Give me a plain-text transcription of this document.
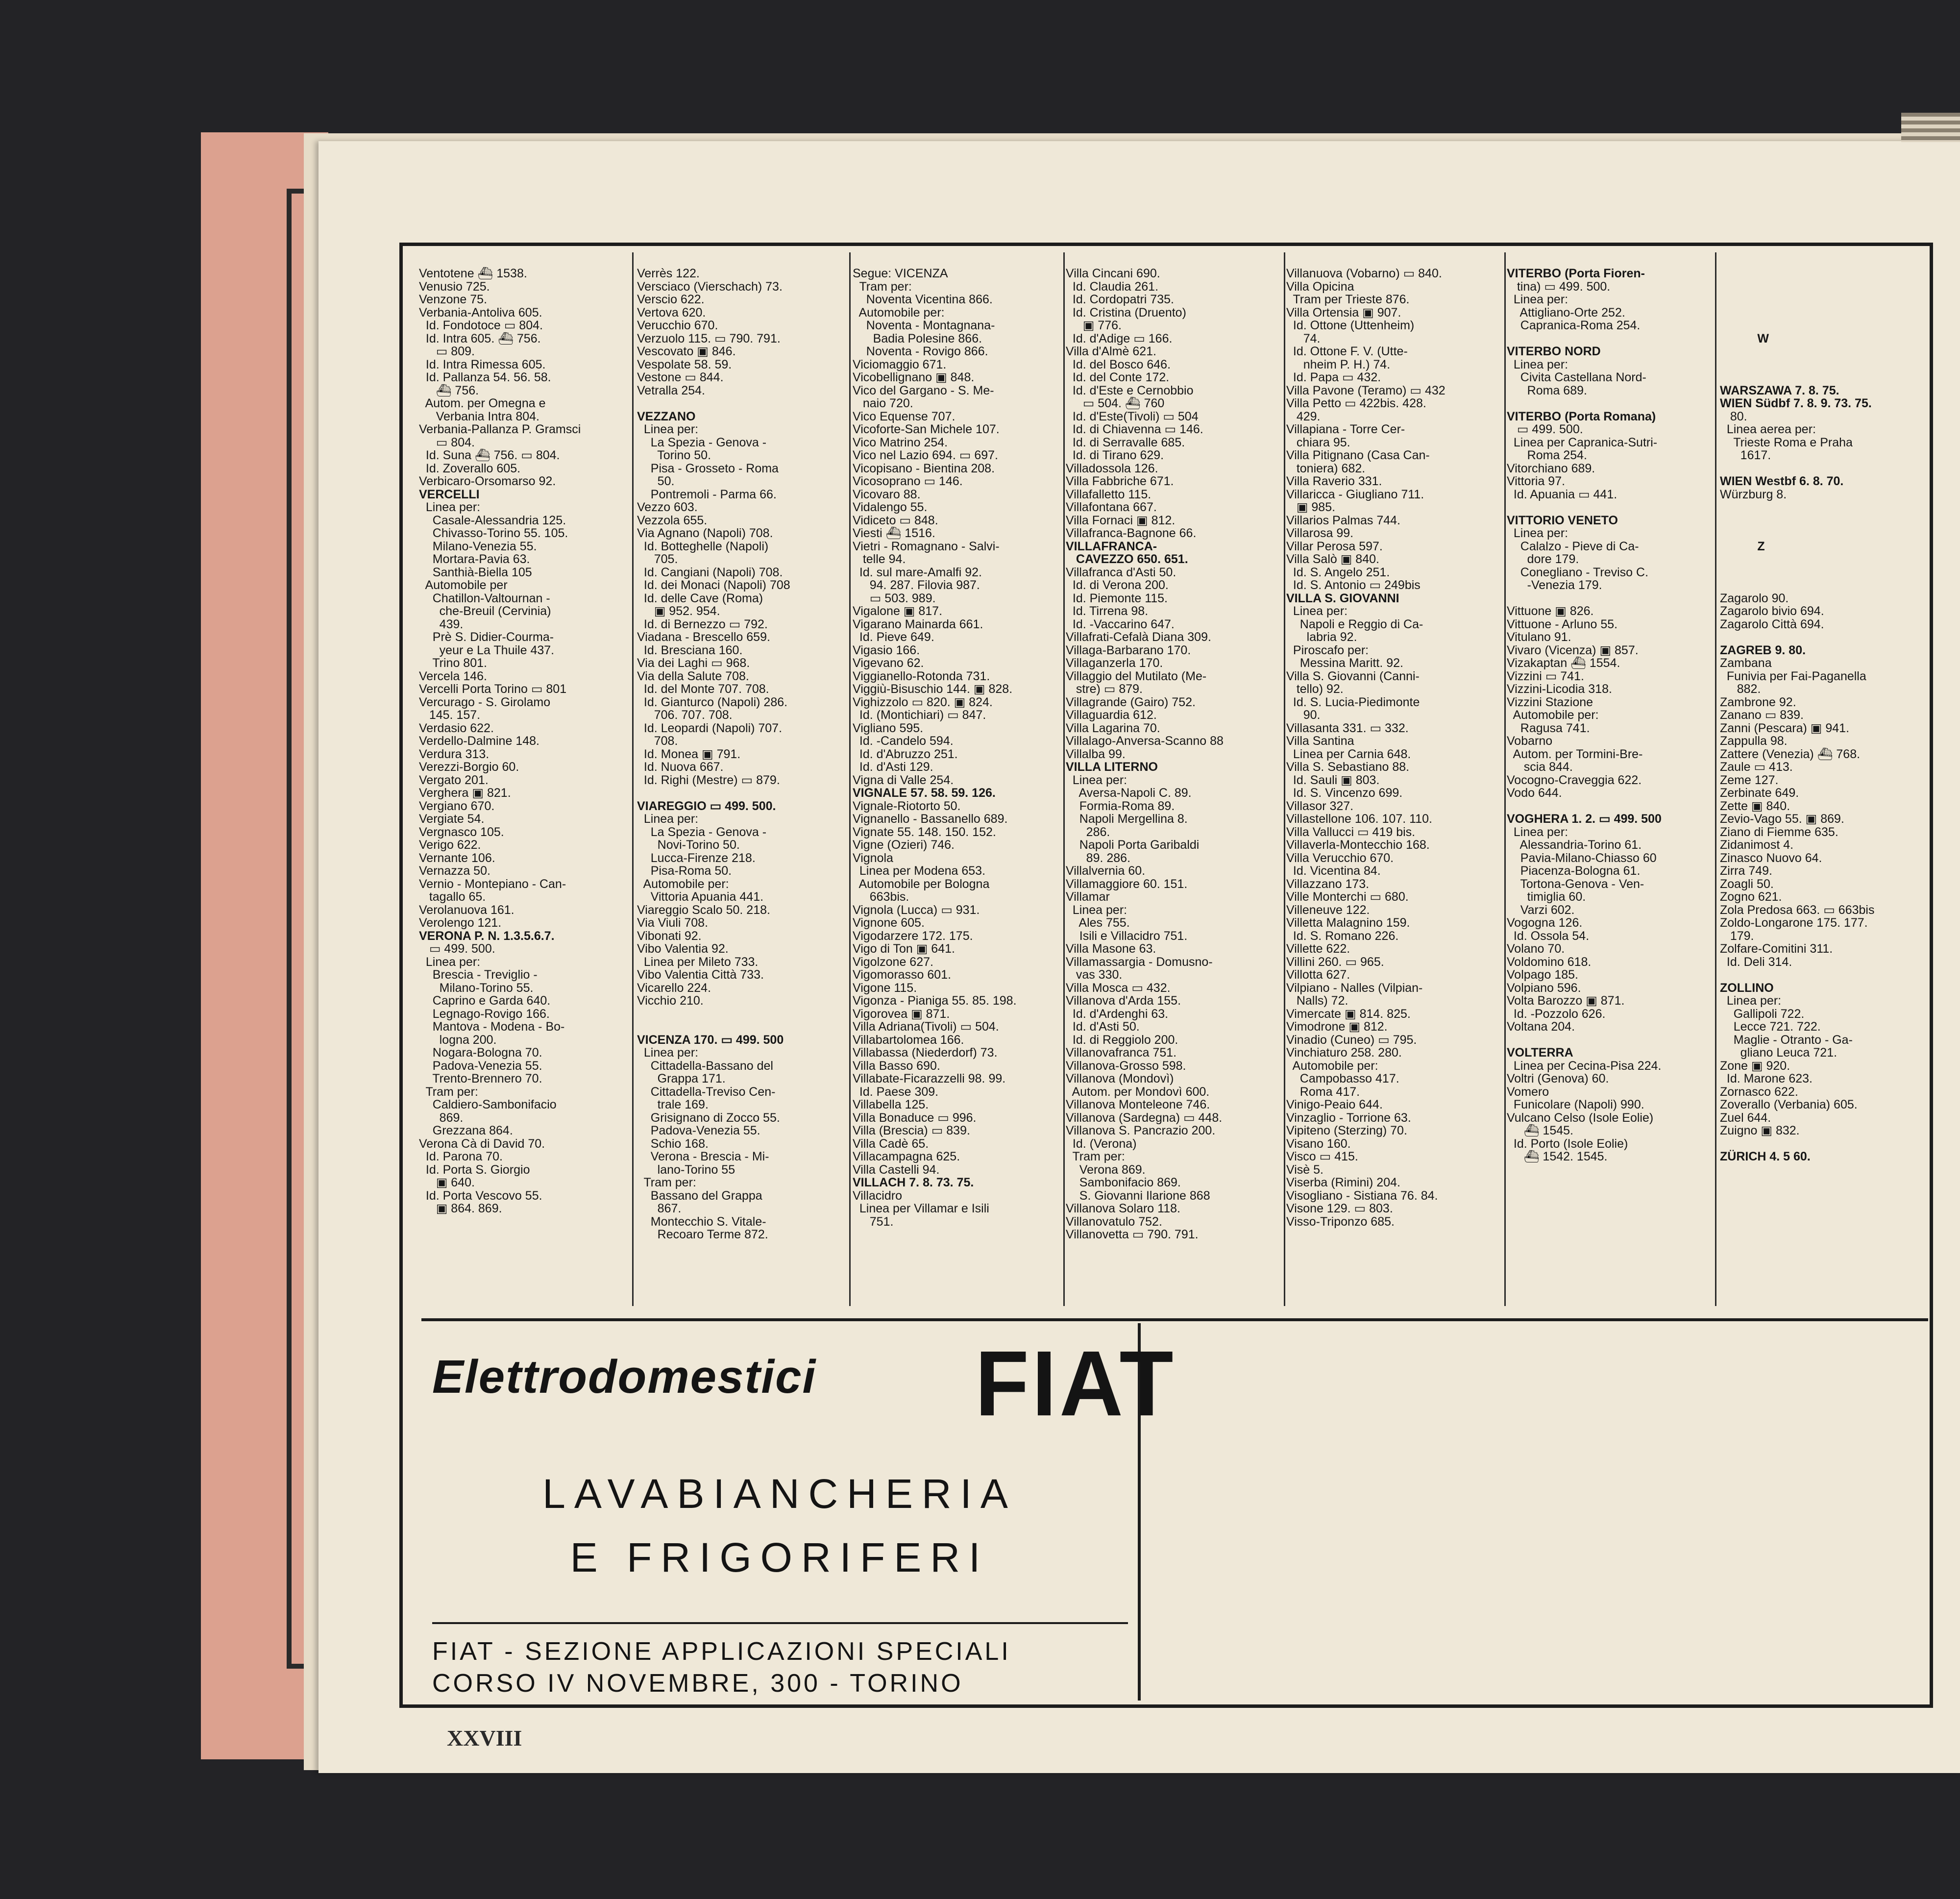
Ventotene ⛴ 1538.
Venusio 725.
Venzone 75.
Verbania-Antoliva 605.
Id. Fondotoce ▭ 804.
Id. Intra 605. ⛴ 756.
▭ 809.
Id. Intra Rimessa 605.
Id. Pallanza 54. 56. 58.
⛴ 756.
Autom. per Omegna e
Verbania Intra 804.
Verbania-Pallanza P. Gramsci
▭ 804.
Id. Suna ⛴ 756. ▭ 804.
Id. Zoverallo 605.
Verbicaro-Orsomarso 92.
VERCELLI
Linea per:
Casale-Alessandria 125.
Chivasso-Torino 55. 105.
Milano-Venezia 55.
Mortara-Pavia 63.
Santhià-Biella 105
Automobile per
Chatillon-Valtournan -
che-Breuil (Cervinia)
439.
Prè S. Didier-Courma-
yeur e La Thuile 437.
Trino 801.
Vercela 146.
Vercelli Porta Torino ▭ 801
Vercurago - S. Girolamo
145. 157.
Verdasio 622.
Verdello-Dalmine 148.
Verdura 313.
Verezzi-Borgio 60.
Vergato 201.
Verghera ▣ 821.
Vergiano 670.
Vergiate 54.
Vergnasco 105.
Verigo 622.
Vernante 106.
Vernazza 50.
Vernio - Montepiano - Can-
tagallo 65.
Verolanuova 161.
Verolengo 121.
VERONA P. N. 1.3.5.6.7.
▭ 499. 500.
Linea per:
Brescia - Treviglio -
Milano-Torino 55.
Caprino e Garda 640.
Legnago-Rovigo 166.
Mantova - Modena - Bo-
logna 200.
Nogara-Bologna 70.
Padova-Venezia 55.
Trento-Brennero 70.
Tram per:
Caldiero-Sambonifacio
869.
Grezzana 864.
Verona Cà di David 70.
Id. Parona 70.
Id. Porta S. Giorgio
▣ 640.
Id. Porta Vescovo 55.
▣ 864. 869.
Verrès 122.
Versciaco (Vierschach) 73.
Verscio 622.
Vertova 620.
Verucchio 670.
Verzuolo 115. ▭ 790. 791.
Vescovato ▣ 846.
Vespolate 58. 59.
Vestone ▭ 844.
Vetralla 254.

VEZZANO
Linea per:
La Spezia - Genova -
Torino 50.
Pisa - Grosseto - Roma
50.
Pontremoli - Parma 66.
Vezzo 603.
Vezzola 655.
Via Agnano (Napoli) 708.
Id. Botteghelle (Napoli)
705.
Id. Cangiani (Napoli) 708.
Id. dei Monaci (Napoli) 708
Id. delle Cave (Roma)
▣ 952. 954.
Id. di Bernezzo ▭ 792.
Viadana - Brescello 659.
Id. Bresciana 160.
Via dei Laghi ▭ 968.
Via della Salute 708.
Id. del Monte 707. 708.
Id. Gianturco (Napoli) 286.
706. 707. 708.
Id. Leopardi (Napoli) 707.
708.
Id. Monea ▣ 791.
Id. Nuova 667.
Id. Righi (Mestre) ▭ 879.

VIAREGGIO ▭ 499. 500.
Linea per:
La Spezia - Genova -
Novi-Torino 50.
Lucca-Firenze 218.
Pisa-Roma 50.
Automobile per:
Vittoria Apuania 441.
Viareggio Scalo 50. 218.
Via Viuli 708.
Vibonati 92.
Vibo Valentia 92.
Linea per Mileto 733.
Vibo Valentia Città 733.
Vicarello 224.
Vicchio 210.

VICENZA 170. ▭ 499. 500
Linea per:
Cittadella-Bassano del
Grappa 171.
Cittadella-Treviso Cen-
trale 169.
Grisignano di Zocco 55.
Padova-Venezia 55.
Schio 168.
Verona - Brescia - Mi-
lano-Torino 55
Tram per:
Bassano del Grappa
867.
Montecchio S. Vitale-
Recoaro Terme 872.
Segue: VICENZA
Tram per:
Noventa Vicentina 866.
Automobile per:
Noventa - Montagnana-
Badia Polesine 866.
Noventa - Rovigo 866.
Viciomaggio 671.
Vicobellignano ▣ 848.
Vico del Gargano - S. Me-
naio 720.
Vico Equense 707.
Vicoforte-San Michele 107.
Vico Matrino 254.
Vico nel Lazio 694. ▭ 697.
Vicopisano - Bientina 208.
Vicosoprano ▭ 146.
Vicovaro 88.
Vidalengo 55.
Vidiceto ▭ 848.
Viesti ⛴ 1516.
Vietri - Romagnano - Salvi-
telle 94.
Id. sul mare-Amalfi 92.
94. 287. Filovia 987.
▭ 503. 989.
Vigalone ▣ 817.
Vigarano Mainarda 661.
Id. Pieve 649.
Vigasio 166.
Vigevano 62.
Viggianello-Rotonda 731.
Viggiù-Bisuschio 144. ▣ 828.
Vighizzolo ▭ 820. ▣ 824.
Id. (Montichiari) ▭ 847.
Vigliano 595.
Id. -Candelo 594.
Id. d'Abruzzo 251.
Id. d'Asti 129.
Vigna di Valle 254.
VIGNALE 57. 58. 59. 126.
Vignale-Riotorto 50.
Vignanello - Bassanello 689.
Vignate 55. 148. 150. 152.
Vigne (Ozieri) 746.
Vignola
Linea per Modena 653.
Automobile per Bologna
663bis.
Vignola (Lucca) ▭ 931.
Vignone 605.
Vigodarzere 172. 175.
Vigo di Ton ▣ 641.
Vigolzone 627.
Vigomorasso 601.
Vigone 115.
Vigonza - Pianiga 55. 85. 198.
Vigorovea ▣ 871.
Villa Adriana(Tivoli) ▭ 504.
Villabartolomea 166.
Villabassa (Niederdorf) 73.
Villa Basso 690.
Villabate-Ficarazzelli 98. 99.
Id. Paese 309.
Villabella 125.
Villa Bonaduce ▭ 996.
Villa (Brescia) ▭ 839.
Villa Cadè 65.
Villacampagna 625.
Villa Castelli 94.
VILLACH 7. 8. 73. 75.
Villacidro
Linea per Villamar e Isili
751.
Villa Cincani 690.
Id. Claudia 261.
Id. Cordopatri 735.
Id. Cristina (Druento)
▣ 776.
Id. d'Adige ▭ 166.
Villa d'Almè 621.
Id. del Bosco 646.
Id. del Conte 172.
Id. d'Este e Cernobbio
▭ 504. ⛴ 760
Id. d'Este(Tivoli) ▭ 504
Id. di Chiavenna ▭ 146.
Id. di Serravalle 685.
Id. di Tirano 629.
Villadossola 126.
Villa Fabbriche 671.
Villafalletto 115.
Villafontana 667.
Villa Fornaci ▣ 812.
Villafranca-Bagnone 66.
VILLAFRANCA-
CAVEZZO 650. 651.
Villafranca d'Asti 50.
Id. di Verona 200.
Id. Piemonte 115.
Id. Tirrena 98.
Id. -Vaccarino 647.
Villafrati-Cefalà Diana 309.
Villaga-Barbarano 170.
Villaganzerla 170.
Villaggio del Mutilato (Me-
stre) ▭ 879.
Villagrande (Gairo) 752.
Villaguardia 612.
Villa Lagarina 70.
Villalago-Anversa-Scanno 88
Villalba 99.
VILLA LITERNO
Linea per:
Aversa-Napoli C. 89.
Formia-Roma 89.
Napoli Mergellina 8.
286.
Napoli Porta Garibaldi
89. 286.
Villalvernia 60.
Villamaggiore 60. 151.
Villamar
Linea per:
Ales 755.
Isili e Villacidro 751.
Villa Masone 63.
Villamassargia - Domusno-
vas 330.
Villa Mosca ▭ 432.
Villanova d'Arda 155.
Id. d'Ardenghi 63.
Id. d'Asti 50.
Id. di Reggiolo 200.
Villanovafranca 751.
Villanova-Grosso 598.
Villanova (Mondovì)
Autom. per Mondovì 600.
Villanova Monteleone 746.
Villanova (Sardegna) ▭ 448.
Villanova S. Pancrazio 200.
Id. (Verona)
Tram per:
Verona 869.
Sambonifacio 869.
S. Giovanni Ilarione 868
Villanova Solaro 118.
Villanovatulo 752.
Villanovetta ▭ 790. 791.
Villanuova (Vobarno) ▭ 840.
Villa Opicina
Tram per Trieste 876.
Villa Ortensia ▣ 907.
Id. Ottone (Uttenheim)
74.
Id. Ottone F. V. (Utte-
nheim P. H.) 74.
Id. Papa ▭ 432.
Villa Pavone (Teramo) ▭ 432
Villa Petto ▭ 422bis. 428.
429.
Villapiana - Torre Cer-
chiara 95.
Villa Pitignano (Casa Can-
toniera) 682.
Villa Raverio 331.
Villaricca - Giugliano 711.
▣ 985.
Villarios Palmas 744.
Villarosa 99.
Villar Perosa 597.
Villa Salò ▣ 840.
Id. S. Angelo 251.
Id. S. Antonio ▭ 249bis
VILLA S. GIOVANNI
Linea per:
Napoli e Reggio di Ca-
labria 92.
Piroscafo per:
Messina Maritt. 92.
Villa S. Giovanni (Canni-
tello) 92.
Id. S. Lucia-Piedimonte
90.
Villasanta 331. ▭ 332.
Villa Santina
Linea per Carnia 648.
Villa S. Sebastiano 88.
Id. Sauli ▣ 803.
Id. S. Vincenzo 699.
Villasor 327.
Villastellone 106. 107. 110.
Villa Vallucci ▭ 419 bis.
Villaverla-Montecchio 168.
Villa Verucchio 670.
Id. Vicentina 84.
Villazzano 173.
Ville Monterchi ▭ 680.
Villeneuve 122.
Villetta Malagnino 159.
Id. S. Romano 226.
Villette 622.
Villini 260. ▭ 965.
Villotta 627.
Vilpiano - Nalles (Vilpian-
Nalls) 72.
Vimercate ▣ 814. 825.
Vimodrone ▣ 812.
Vinadio (Cuneo) ▭ 795.
Vinchiaturo 258. 280.
Automobile per:
Campobasso 417.
Roma 417.
Vinigo-Peaio 644.
Vinzaglio - Torrione 63.
Vipiteno (Sterzing) 70.
Visano 160.
Visco ▭ 415.
Visè 5.
Viserba (Rimini) 204.
Visogliano - Sistiana 76. 84.
Visone 129. ▭ 803.
Visso-Triponzo 685.
VITERBO (Porta Fioren-
tina) ▭ 499. 500.
Linea per:
Attigliano-Orte 252.
Capranica-Roma 254.

VITERBO NORD
Linea per:
Civita Castellana Nord-
Roma 689.

VITERBO (Porta Romana)
▭ 499. 500.
Linea per Capranica-Sutri-
Roma 254.
Vitorchiano 689.
Vittoria 97.
Id. Apuania ▭ 441.

VITTORIO VENETO
Linea per:
Calalzo - Pieve di Ca-
dore 179.
Conegliano - Treviso C.
-Venezia 179.

Vittuone ▣ 826.
Vittuone - Arluno 55.
Vitulano 91.
Vivaro (Vicenza) ▣ 857.
Vizakaptan ⛴ 1554.
Vizzini ▭ 741.
Vizzini-Licodia 318.
Vizzini Stazione
Automobile per:
Ragusa 741.
Vobarno
Autom. per Tormini-Bre-
scia 844.
Vocogno-Craveggia 622.
Vodo 644.

VOGHERA 1. 2. ▭ 499. 500
Linea per:
Alessandria-Torino 61.
Pavia-Milano-Chiasso 60
Piacenza-Bologna 61.
Tortona-Genova - Ven-
timiglia 60.
Varzi 602.
Vogogna 126.
Id. Ossola 54.
Volano 70.
Voldomino 618.
Volpago 185.
Volpiano 596.
Volta Barozzo ▣ 871.
Id. -Pozzolo 626.
Voltana 204.

VOLTERRA
Linea per Cecina-Pisa 224.
Voltri (Genova) 60.
Vomero
Funicolare (Napoli) 990.
Vulcano Celso (Isole Eolie)
⛴ 1545.
Id. Porto (Isole Eolie)
⛴ 1542. 1545.

W

WARSZAWA 7. 8. 75.
WIEN Südbf 7. 8. 9. 73. 75.
80.
Linea aerea per:
Trieste Roma e Praha
1617.

WIEN Westbf 6. 8. 70.
Würzburg 8.

Z

Zagarolo 90.
Zagarolo bivio 694.
Zagarolo Città 694.

ZAGREB 9. 80.
Zambana
Funivia per Fai-Paganella
882.
Zambrone 92.
Zanano ▭ 839.
Zanni (Pescara) ▣ 941.
Zappulla 98.
Zattere (Venezia) ⛴ 768.
Zaule ▭ 413.
Zeme 127.
Zerbinate 649.
Zette ▣ 840.
Zevio-Vago 55. ▣ 869.
Ziano di Fiemme 635.
Zidanimost 4.
Zinasco Nuovo 64.
Zirra 749.
Zoagli 50.
Zogno 621.
Zola Predosa 663. ▭ 663bis
Zoldo-Longarone 175. 177.
179.
Zolfare-Comitini 311.
Id. Deli 314.

ZOLLINO
Linea per:
Gallipoli 722.
Lecce 721. 722.
Maglie - Otranto - Ga-
gliano Leuca 721.
Zone ▣ 920.
Id. Marone 623.
Zornasco 622.
Zoverallo (Verbania) 605.
Zuel 644.
Zuigno ▣ 832.

ZÜRICH 4. 5 60.
Elettrodomestici FIAT
LAVABIANCHERIA
E FRIGORIFERI
FIAT - SEZIONE APPLICAZIONI SPECIALI
CORSO IV NOVEMBRE, 300 - TORINO
XXVIII
